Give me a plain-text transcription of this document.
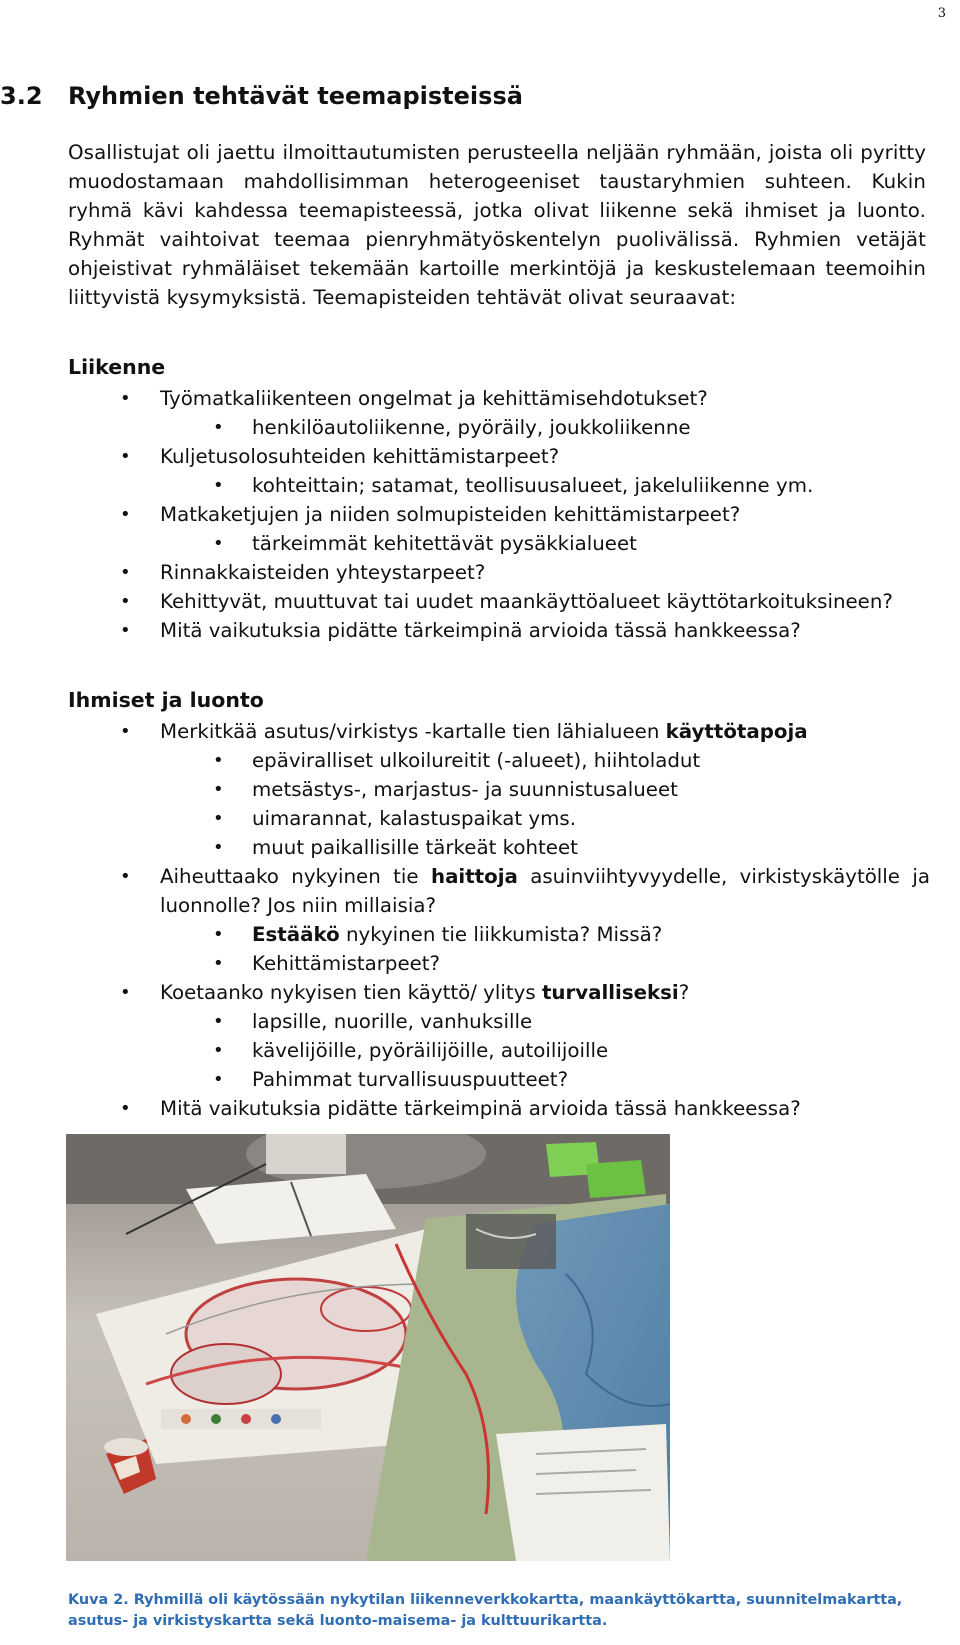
3
3.2 Ryhmien tehtävät teemapisteissä

Osallistujat oli jaettu ilmoittautumisten perusteella neljään ryhmään, joista oli pyritty muodostamaan mahdollisimman heterogeeniset taustaryhmien suhteen. Kukin ryhmä kävi kahdessa teemapisteessä, jotka olivat liikenne sekä ihmiset ja luonto. Ryhmät vaihtoivat teemaa pienryhmätyöskentelyn puolivälissä. Ryhmien vetäjät ohjeistivat ryhmäläiset tekemään kartoille merkintöjä ja keskustelemaan teemoihin liittyvistä kysymyksistä. Teemapisteiden tehtävät olivat seuraavat:

Liikenne
• Työmatkaliikenteen ongelmat ja kehittämisehdotukset?
• henkilöautoliikenne, pyöräily, joukkoliikenne
• Kuljetusolosuhteiden kehittämistarpeet?
• kohteittain; satamat, teollisuusalueet, jakeluliikenne ym.
• Matkaketjujen ja niiden solmupisteiden kehittämistarpeet?
• tärkeimmät kehitettävät pysäkkialueet
• Rinnakkaisteiden yhteystarpeet?
• Kehittyvät, muuttuvat tai uudet maankäyttöalueet käyttötarkoituksineen?
• Mitä vaikutuksia pidätte tärkeimpinä arvioida tässä hankkeessa?
Ihmiset ja luonto
• Merkitkää asutus/virkistys -kartalle tien lähialueen käyttötapoja
• epäviralliset ulkoilureitit (-alueet), hiihtoladut
• metsästys-, marjastus- ja suunnistusalueet
• uimarannat, kalastuspaikat yms.
• muut paikallisille tärkeät kohteet
• Aiheuttaako nykyinen tie haittoja asuinviihtyvyydelle, virkistyskäytölle ja luonnolle? Jos niin millaisia?
• Estääkö nykyinen tie liikkumista? Missä?
• Kehittämistarpeet?
• Koetaanko nykyisen tien käyttö/ ylitys turvalliseksi?
• lapsille, nuorille, vanhuksille
• kävelijöille, pyöräilijöille, autoilijoille
• Pahimmat turvallisuuspuutteet?
• Mitä vaikutuksia pidätte tärkeimpinä arvioida tässä hankkeessa?

Kuva 2. Ryhmillä oli käytössään nykytilan liikenneverkkokartta, maankäyttökartta, suunnitelmakartta, asutus- ja virkistyskartta sekä luonto-maisema- ja kulttuurikartta.
